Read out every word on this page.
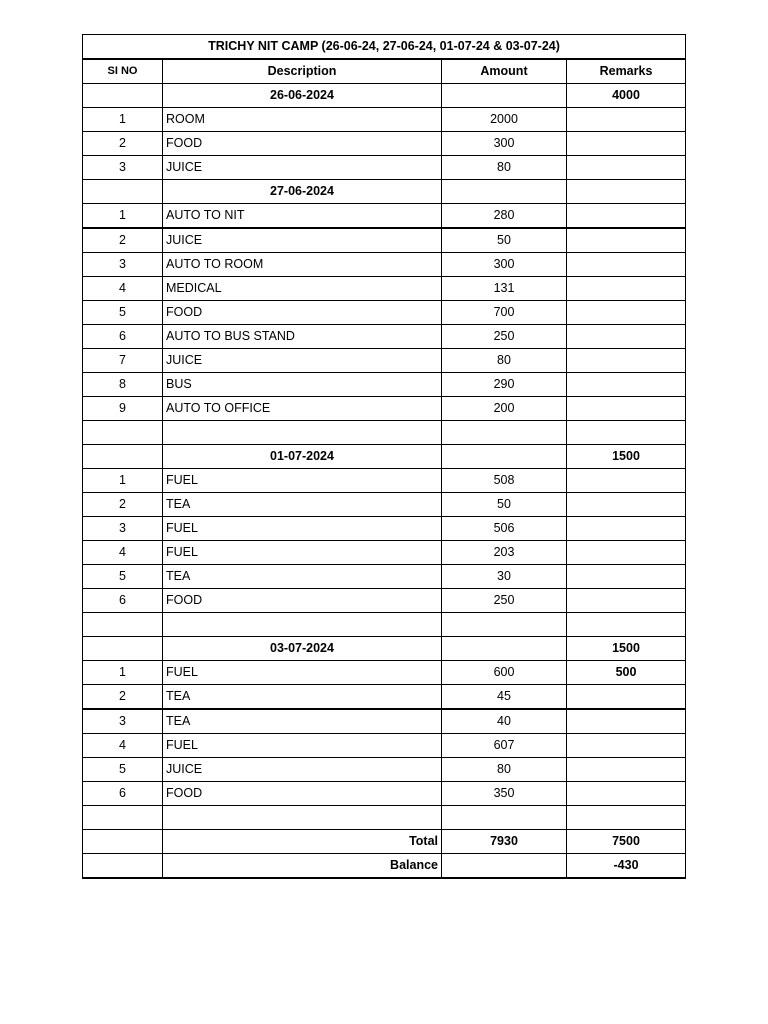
TRICHY NIT CAMP (26-06-24, 27-06-24, 01-07-24 & 03-07-24)			
SI NO	Description	Amount	Remarks
	26-06-2024		4000
1	ROOM	2000	
2	FOOD	300	
3	JUICE	80	
	27-06-2024		
1	AUTO TO NIT	280	
2	JUICE	50	
3	AUTO TO ROOM	300	
4	MEDICAL	131	
5	FOOD	700	
6	AUTO TO BUS STAND	250	
7	JUICE	80	
8	BUS	290	
9	AUTO TO OFFICE	200	

	01-07-2024		1500
1	FUEL	508	
2	TEA	50	
3	FUEL	506	
4	FUEL	203	
5	TEA	30	
6	FOOD	250	

	03-07-2024		1500
1	FUEL	600	500
2	TEA	45	
3	TEA	40	
4	FUEL	607	
5	JUICE	80	
6	FOOD	350	

	Total	7930	7500
	Balance		-430
